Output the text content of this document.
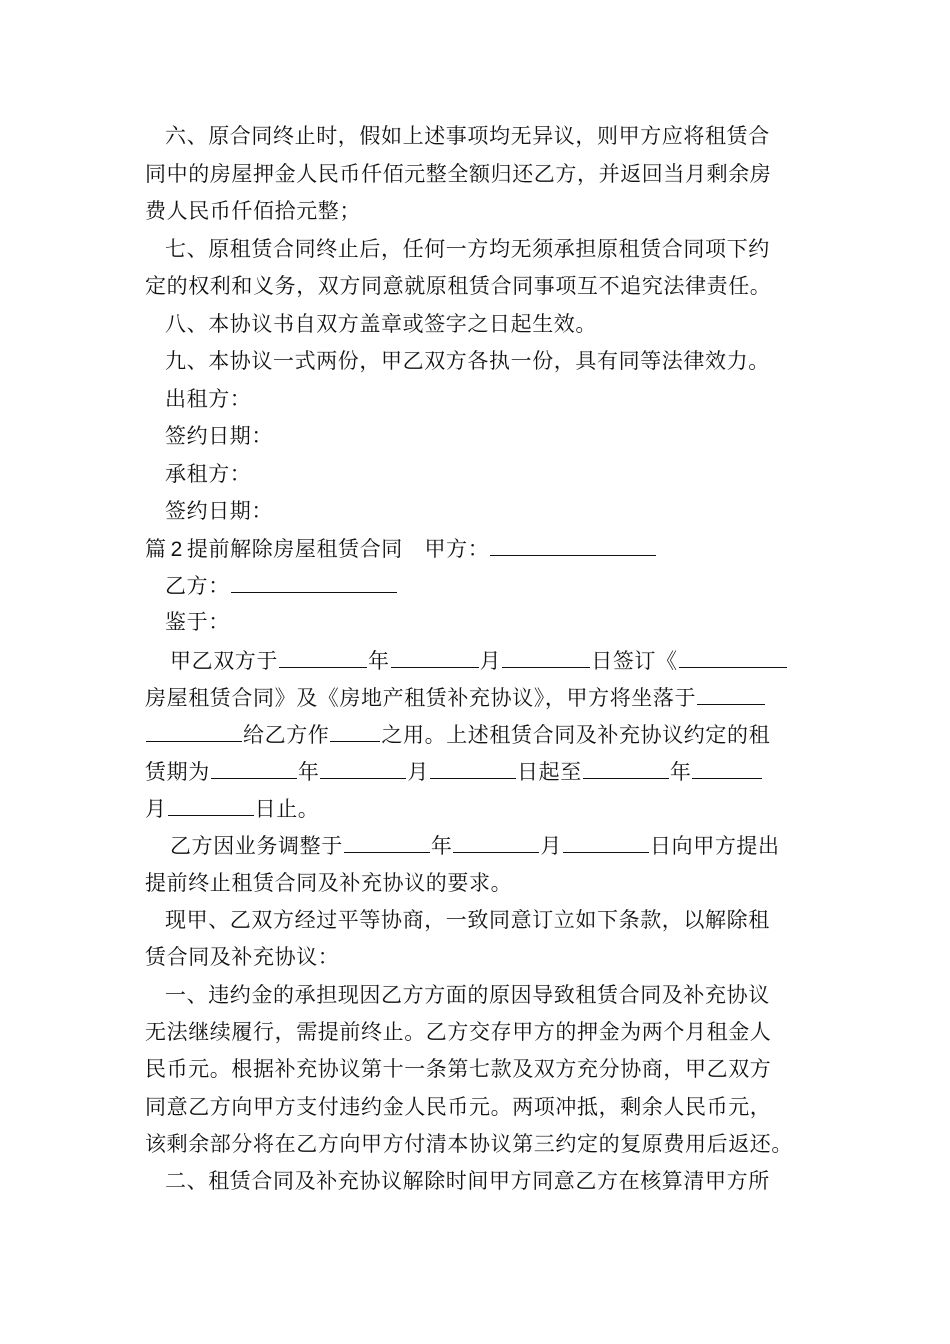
六、原合同终止时，假如上述事项均无异议，则甲方应将租赁合
同中的房屋押金人民币仟佰元整全额归还乙方，并返回当月剩余房
费人民币仟佰拾元整；
七、原租赁合同终止后，任何一方均无须承担原租赁合同项下约
定的权利和义务，双方同意就原租赁合同事项互不追究法律责任。
八、本协议书自双方盖章或签字之日起生效。
九、本协议一式两份，甲乙双方各执一份，具有同等法律效力。
出租方：
签约日期：
承租方：
签约日期：
篇 2 提前解除房屋租赁合同　甲方：
乙方：
鉴于：
甲乙双方于	年	月	日签订《
房屋租赁合同》及《房地产租赁补充协议》，甲方将坐落于
给乙方作 之用。上述租赁合同及补充协议约定的租
赁期为	年	月	日起至	年
月	日止。
乙方因业务调整于	年	月	日向甲方提出
提前终止租赁合同及补充协议的要求。
现甲、乙双方经过平等协商，一致同意订立如下条款，以解除租
赁合同及补充协议：
一、违约金的承担现因乙方方面的原因导致租赁合同及补充协议
无法继续履行，需提前终止。乙方交存甲方的押金为两个月租金人
民币元。根据补充协议第十一条第七款及双方充分协商，甲乙双方
同意乙方向甲方支付违约金人民币元。两项冲抵，剩余人民币元，
该剩余部分将在乙方向甲方付清本协议第三约定的复原费用后返还。
二、租赁合同及补充协议解除时间甲方同意乙方在核算清甲方所
